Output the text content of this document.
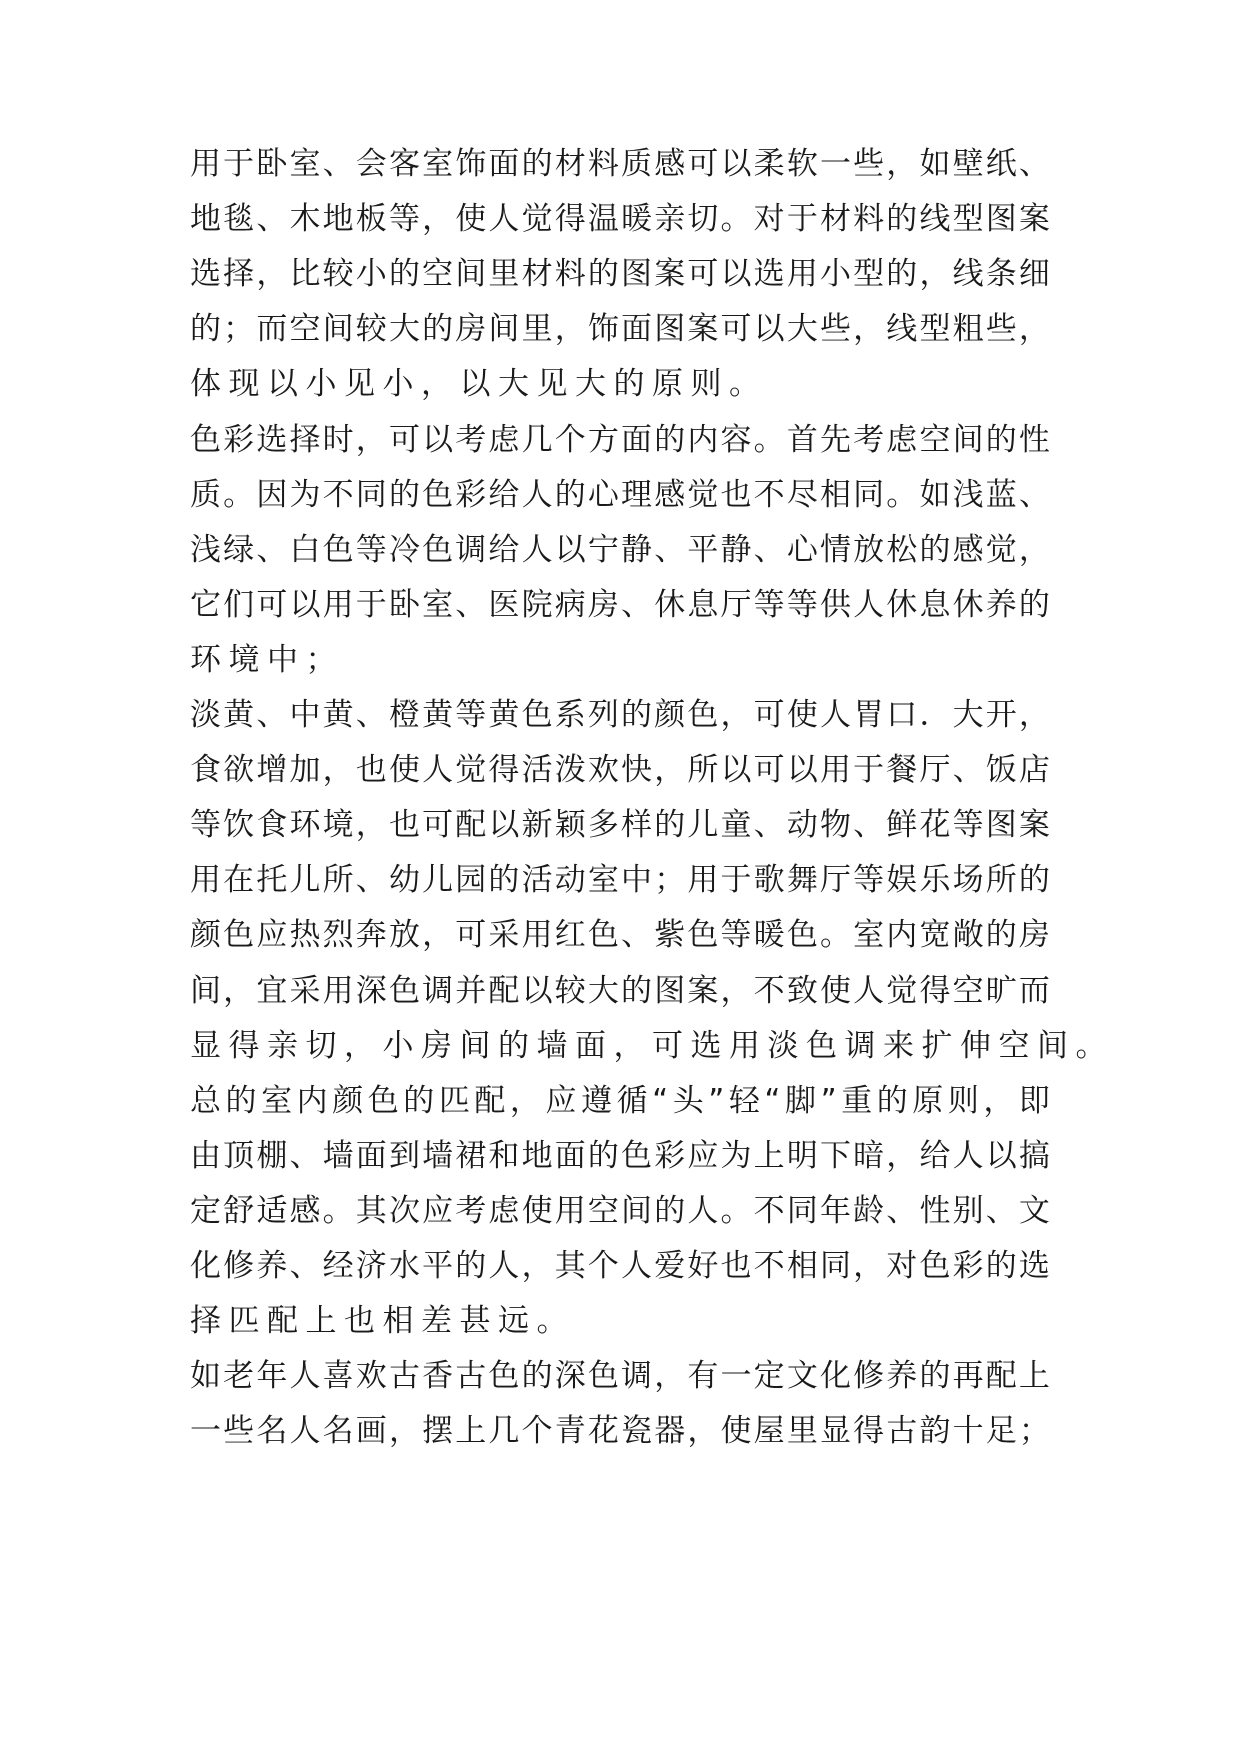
用 于 卧 室 、 会 客 室 饰 面 的 材 料 质 感 可 以 柔 软 一 些 ， 如 壁 纸 、
地 毯 、 木 地 板 等 ， 使 人 觉 得 温 暖 亲 切 。 对 于 材 料 的 线 型 图 案
选 择 ， 比 较 小 的 空 间 里 材 料 的 图 案 可 以 选 用 小 型 的 ， 线 条 细
的 ； 而 空 间 较 大 的 房 间 里 ， 饰 面 图 案 可 以 大 些 ， 线 型 粗 些 ，
体 现 以 小 见 小 ， 以 大 见 大 的 原 则 。
色 彩 选 择 时 ， 可 以 考 虑 几 个 方 面 的 内 容 。 首 先 考 虑 空 间 的 性
质 。 因 为 不 同 的 色 彩 给 人 的 心 理 感 觉 也 不 尽 相 同 。 如 浅 蓝 、
浅 绿 、 白 色 等 冷 色 调 给 人 以 宁 静 、 平 静 、 心 情 放 松 的 感 觉 ，
它 们 可 以 用 于 卧 室 、 医 院 病 房 、 休 息 厅 等 等 供 人 休 息 休 养 的
环 境 中 ；
淡 黄 、 中 黄 、 橙 黄 等 黄 色 系 列 的 颜 色 ， 可 使 人 胃 口 ． 大 开 ，
食 欲 增 加 ， 也 使 人 觉 得 活 泼 欢 快 ， 所 以 可 以 用 于 餐 厅 、 饭 店
等 饮 食 环 境 ， 也 可 配 以 新 颖 多 样 的 儿 童 、 动 物 、 鲜 花 等 图 案
用 在 托 儿 所 、 幼 儿 园 的 活 动 室 中 ； 用 于 歌 舞 厅 等 娱 乐 场 所 的
颜 色 应 热 烈 奔 放 ， 可 采 用 红 色 、 紫 色 等 暖 色 。 室 内 宽 敞 的 房
间 ， 宜 采 用 深 色 调 并 配 以 较 大 的 图 案 ， 不 致 使 人 觉 得 空 旷 而
显 得 亲 切 ， 小 房 间 的 墙 面 ， 可 选 用 淡 色 调 来 扩 伸 空 间 。
总 的 室 内 颜 色 的 匹 配 ， 应 遵 循 “ 头 ” 轻 “ 脚 ” 重 的 原 则 ， 即
由 顶 棚 、 墙 面 到 墙 裙 和 地 面 的 色 彩 应 为 上 明 下 暗 ， 给 人 以 搞
定 舒 适 感 。 其 次 应 考 虑 使 用 空 间 的 人 。 不 同 年 龄 、 性 别 、 文
化 修 养 、 经 济 水 平 的 人 ， 其 个 人 爱 好 也 不 相 同 ， 对 色 彩 的 选
择 匹 配 上 也 相 差 甚 远 。
如 老 年 人 喜 欢 古 香 古 色 的 深 色 调 ， 有 一 定 文 化 修 养 的 再 配 上
一 些 名 人 名 画 ， 摆 上 几 个 青 花 瓷 器 ， 使 屋 里 显 得 古 韵 十 足 ；
